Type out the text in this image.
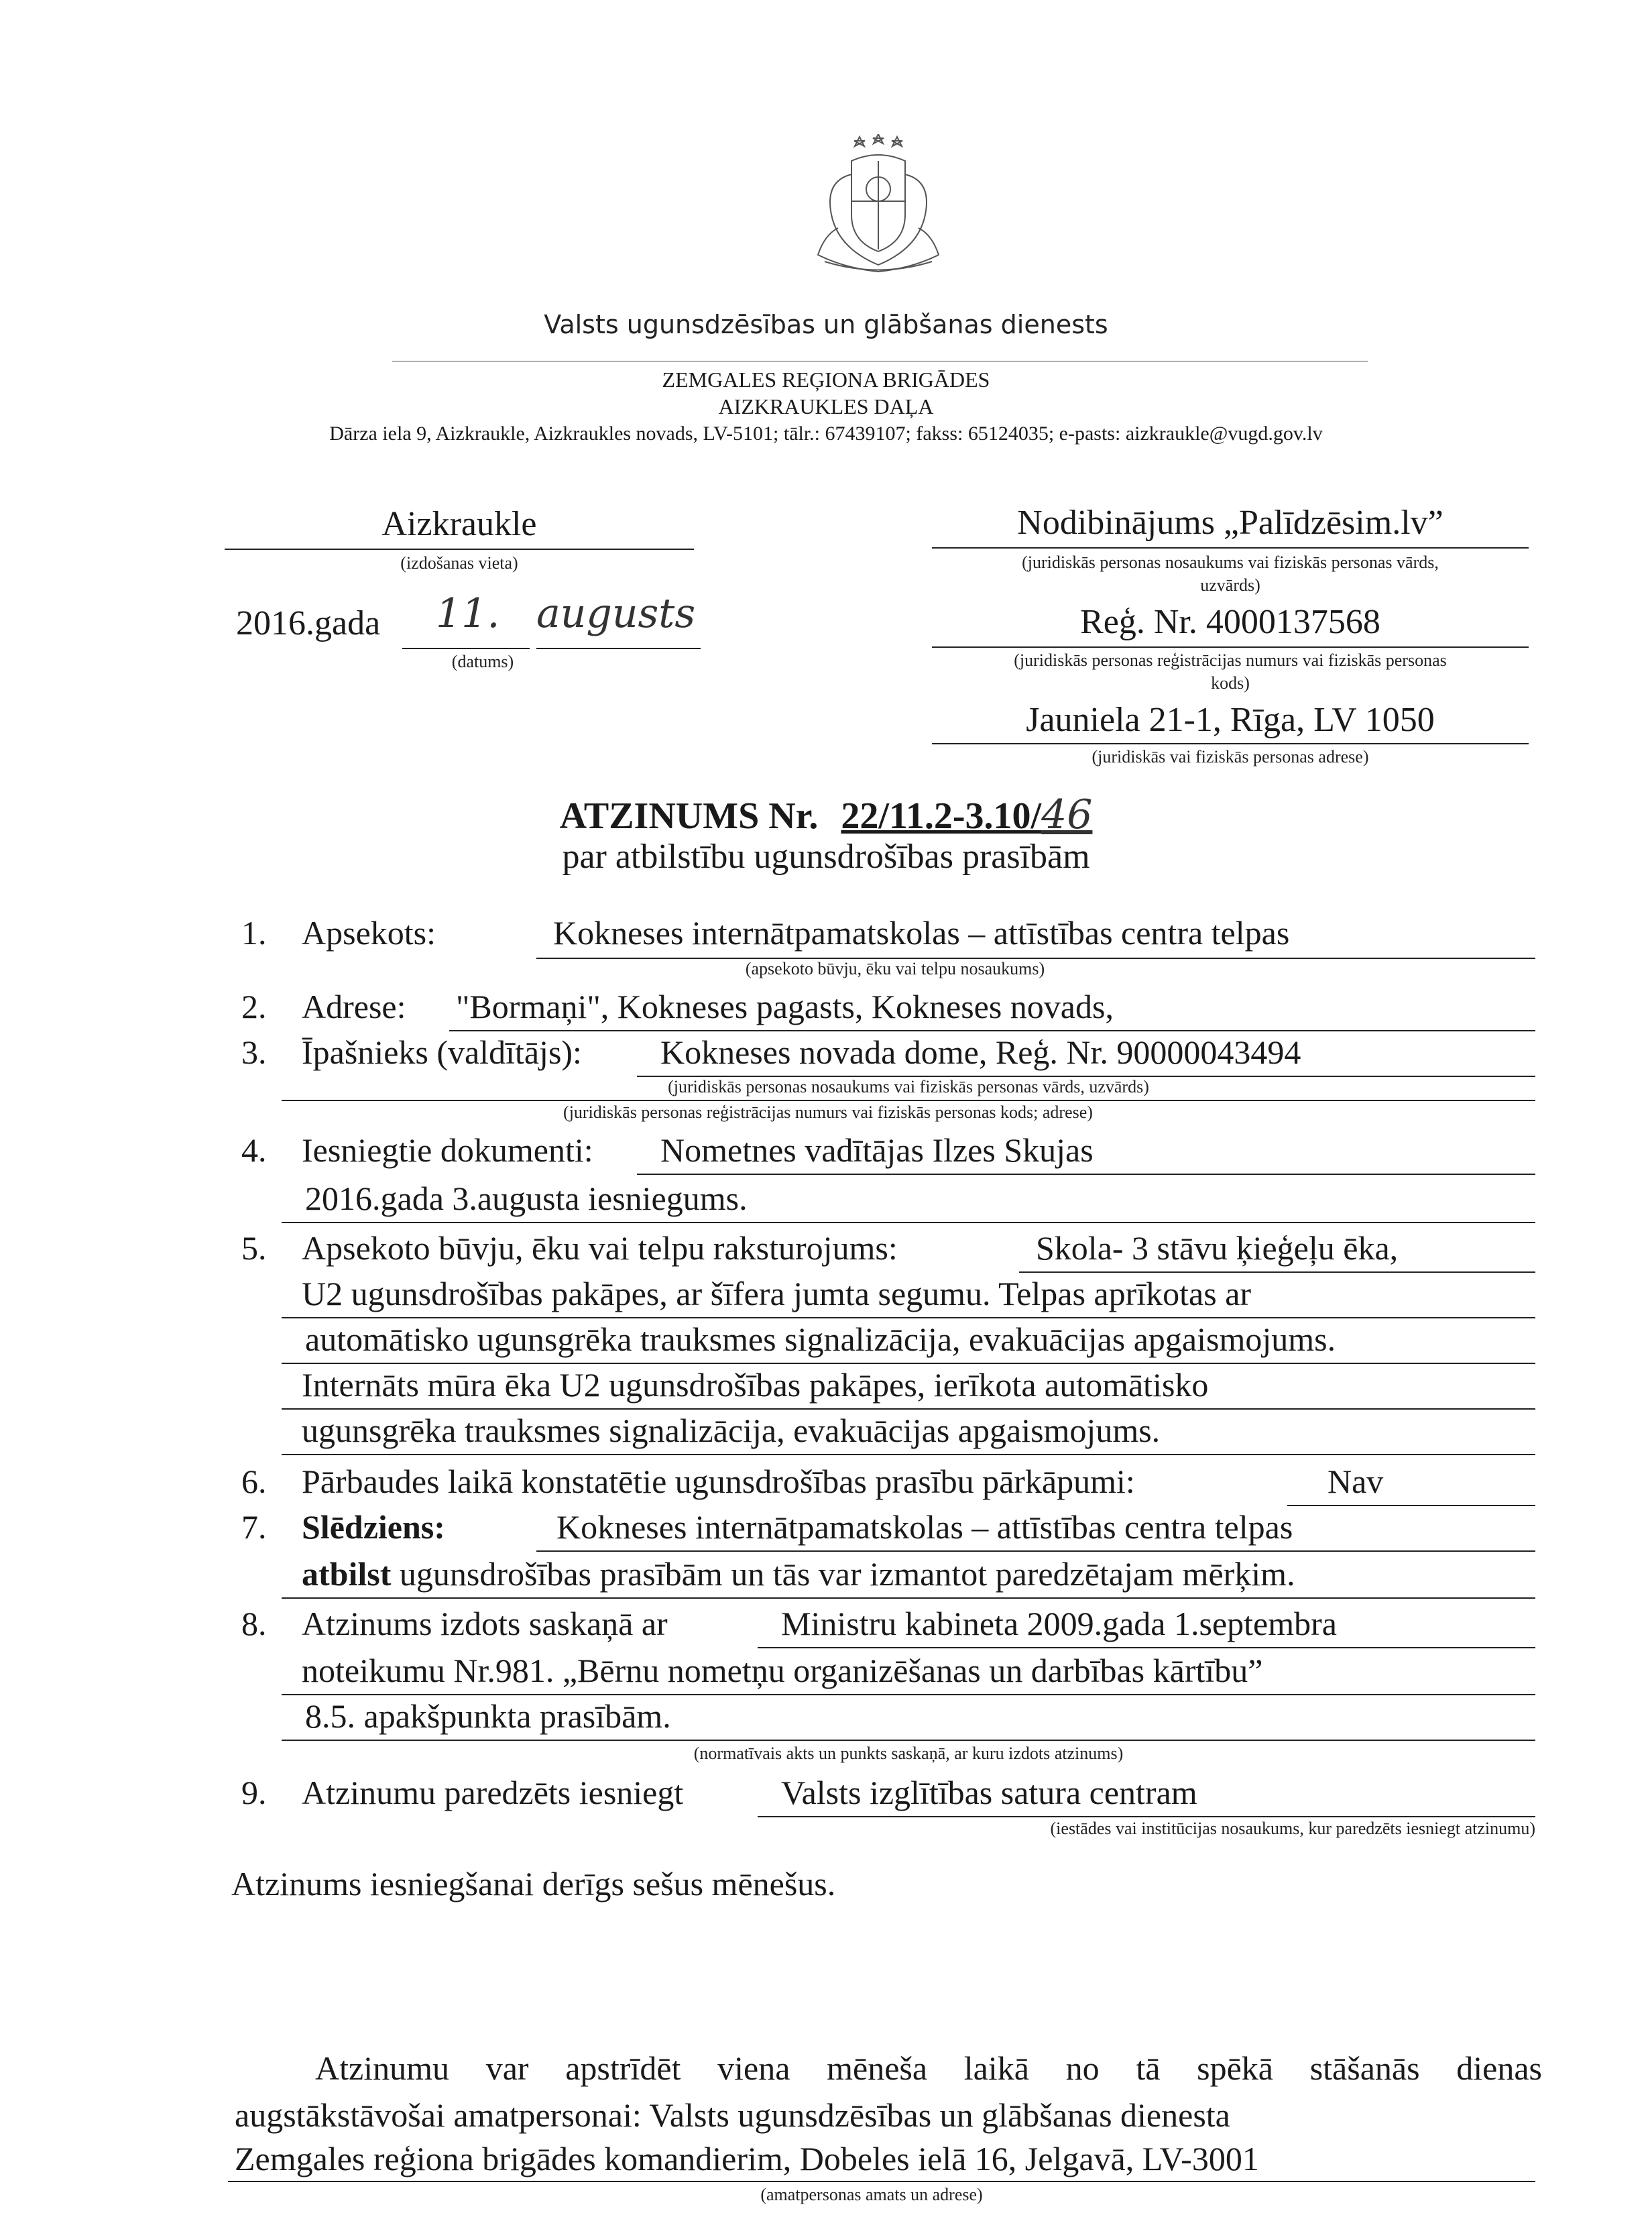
Valsts ugunsdzēsības un glābšanas dienests
ZEMGALES REĢIONA BRIGĀDES
AIZKRAUKLES DAĻA
Dārza iela 9, Aizkraukle, Aizkraukles novads, LV-5101; tālr.: 67439107; fakss: 65124035; e-pasts: aizkraukle@vugd.gov.lv
Aizkraukle
(izdošanas vieta)
2016.gada 11. augusts
(datums)
Nodibinājums „Palīdzēsim.lv”
(juridiskās personas nosaukums vai fiziskās personas vārds,
uzvārds)
Reģ. Nr. 4000137568
(juridiskās personas reģistrācijas numurs vai fiziskās personas
kods)
Jauniela 21-1, Rīga, LV 1050
(juridiskās vai fiziskās personas adrese)
ATZINUMS Nr. 22/11.2-3.10/46
par atbilstību ugunsdrošības prasībām
1. Apsekots:	Kokneses internātpamatskolas – attīstības centra telpas
(apsekoto būvju, ēku vai telpu nosaukums)
2. Adrese: "Bormaņi", Kokneses pagasts, Kokneses novads,
3. Īpašnieks (valdītājs): Kokneses novada dome, Reģ. Nr. 90000043494
(juridiskās personas nosaukums vai fiziskās personas vārds, uzvārds)
(juridiskās personas reģistrācijas numurs vai fiziskās personas kods; adrese)
4. Iesniegtie dokumenti: Nometnes vadītājas Ilzes Skujas
2016.gada 3.augusta iesniegums.
5. Apsekoto būvju, ēku vai telpu raksturojums:	Skola- 3 stāvu ķieģeļu ēka,
U2 ugunsdrošības pakāpes, ar šīfera jumta segumu. Telpas aprīkotas ar
automātisko ugunsgrēka trauksmes signalizācija, evakuācijas apgaismojums.
Internāts mūra ēka U2 ugunsdrošības pakāpes, ierīkota automātisko
ugunsgrēka trauksmes signalizācija, evakuācijas apgaismojums.
6. Pārbaudes laikā konstatētie ugunsdrošības prasību pārkāpumi:	Nav
7. Slēdziens:	Kokneses internātpamatskolas – attīstības centra telpas
atbilst ugunsdrošības prasībām un tās var izmantot paredzētajam mērķim.
8. Atzinums izdots saskaņā ar	Ministru kabineta 2009.gada 1.septembra
noteikumu Nr.981. „Bērnu nometņu organizēšanas un darbības kārtību”
8.5. apakšpunkta prasībām.
(normatīvais akts un punkts saskaņā, ar kuru izdots atzinums)
9. Atzinumu paredzēts iesniegt	Valsts izglītības satura centram
(iestādes vai institūcijas nosaukums, kur paredzēts iesniegt atzinumu)
Atzinums iesniegšanai derīgs sešus mēnešus.
Atzinumu var apstrīdēt viena mēneša laikā no tā spēkā stāšanās dienas
augstākstāvošai amatpersonai: Valsts ugunsdzēsības un glābšanas dienesta
Zemgales reģiona brigādes komandierim, Dobeles ielā 16, Jelgavā, LV-3001
(amatpersonas amats un adrese)
